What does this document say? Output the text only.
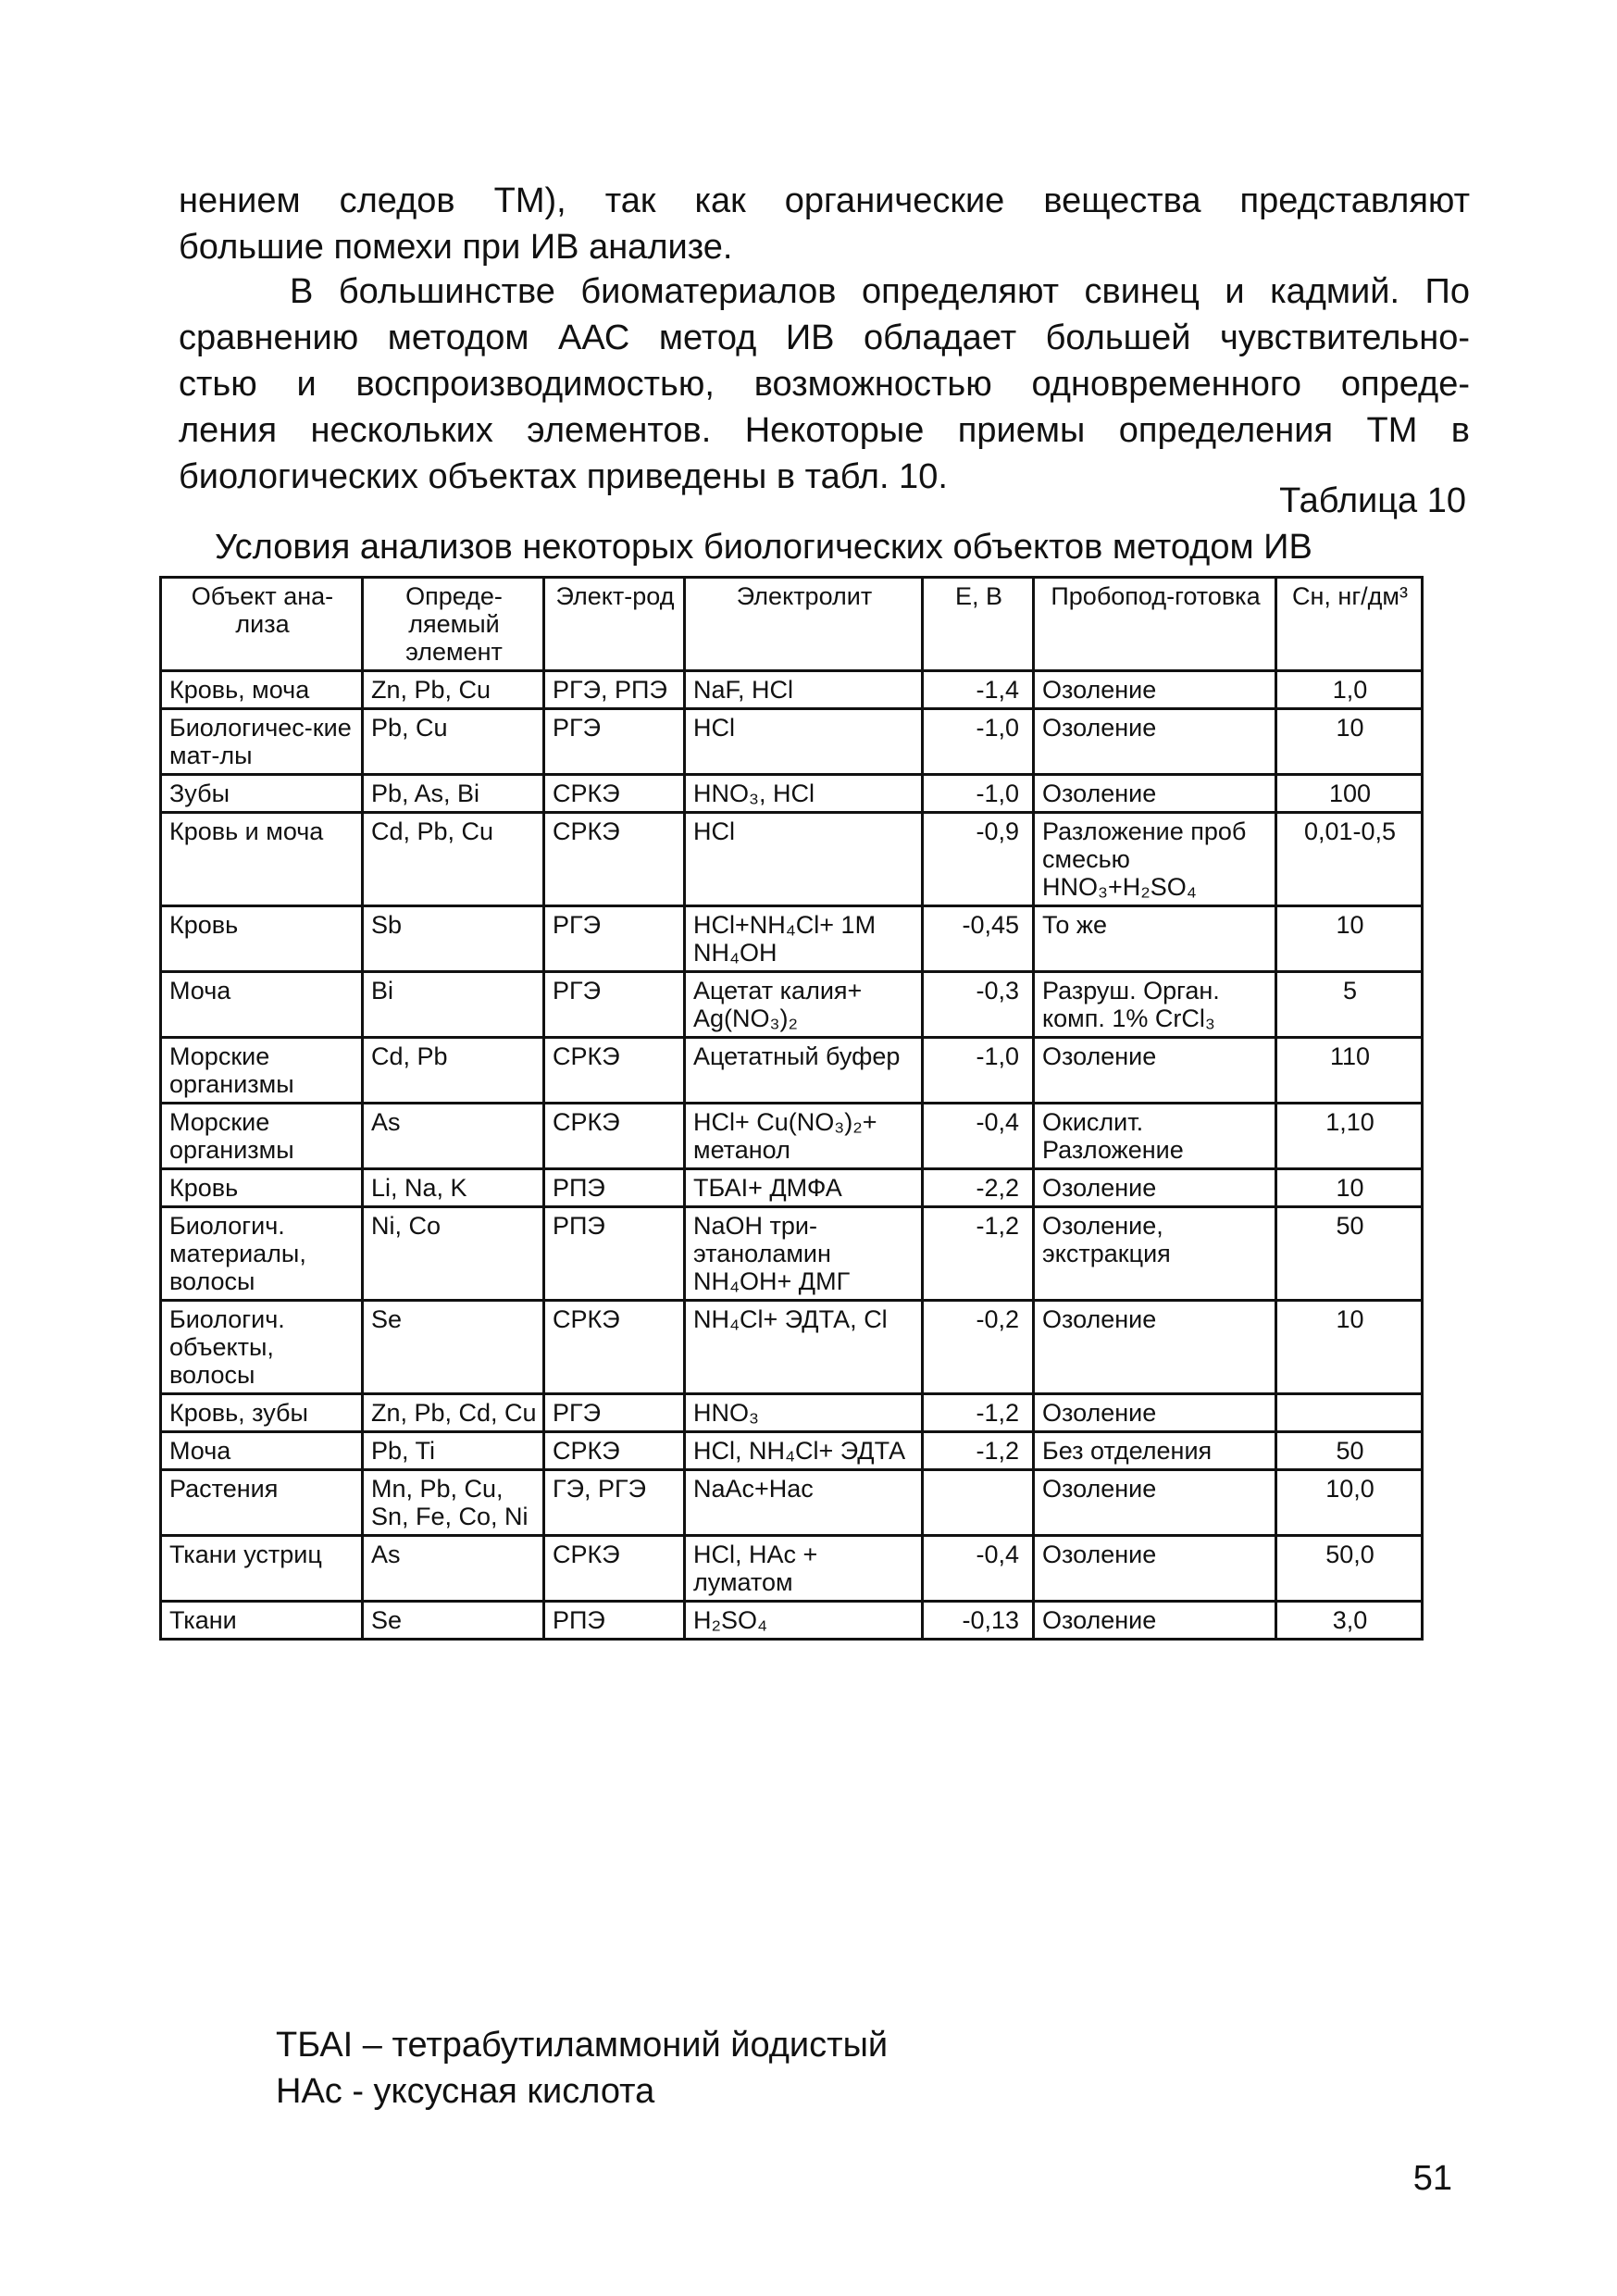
нением следов ТМ), так как органические вещества представляют
большие помехи при ИВ анализе.
В большинстве биоматериалов определяют свинец и кадмий. По
сравнению методом ААС метод ИВ обладает большей чувствительно-
стью и воспроизводимостью, возможностью одновременного опреде-
ления нескольких элементов. Некоторые приемы определения ТМ в
биологических объектах приведены в табл. 10.

Таблица 10

Условия анализов некоторых биологических объектов методом ИВ

Объект ана-лиза	Опреде-ляемый элемент	Элект-род	Электролит	Е, В	Пробопод-готовка	Сн, нг/дм³
Кровь, моча	Zn, Pb, Cu	РГЭ, РПЭ	NaF, HCl	-1,4	Озоление	1,0
Биологичес-кие мат-лы	Pb, Cu	РГЭ	HCl	-1,0	Озоление	10
Зубы	Pb, As, Bi	СРКЭ	HNO₃, HCl	-1,0	Озоление	100
Кровь и моча	Cd, Pb, Cu	СРКЭ	HCl	-0,9	Разложение проб смесью HNO₃+H₂SO₄	0,01-0,5
Кровь	Sb	РГЭ	HCl+NH₄Cl+ 1M NH₄OH	-0,45	То же	10
Моча	Bi	РГЭ	Ацетат калия+ Ag(NO₃)₂	-0,3	Разруш. Орган. комп. 1% CrCl₃	5
Морские организмы	Cd, Pb	СРКЭ	Ацетатный буфер	-1,0	Озоление	110
Морские организмы	As	СРКЭ	HCl+ Cu(NO₃)₂+ метанол	-0,4	Окислит. Разложение	1,10
Кровь	Li, Na, K	РПЭ	ТБАI+ ДМФА	-2,2	Озоление	10
Биологич. материалы, волосы	Ni, Co	РПЭ	NaOH три-этаноламин NH₄OH+ ДМГ	-1,2	Озоление, экстракция	50
Биологич. объекты, волосы	Se	СРКЭ	NH₄Cl+ ЭДТА, Cl	-0,2	Озоление	10
Кровь, зубы	Zn, Pb, Cd, Cu	РГЭ	HNO₃	-1,2	Озоление	
Моча	Pb, Ti	СРКЭ	HCl, NH₄Cl+ ЭДТА	-1,2	Без отделения	50
Растения	Mn, Pb, Cu, Sn, Fe, Co, Ni	ГЭ, РГЭ	NaAc+Hac		Озоление	10,0
Ткани устриц	As	СРКЭ	HCl, HAc + луматом	-0,4	Озоление	50,0
Ткани	Se	РПЭ	H₂SO₄	-0,13	Озоление	3,0

ТБАI – тетрабутиламмоний йодистый

НАс - уксусная кислота

51
